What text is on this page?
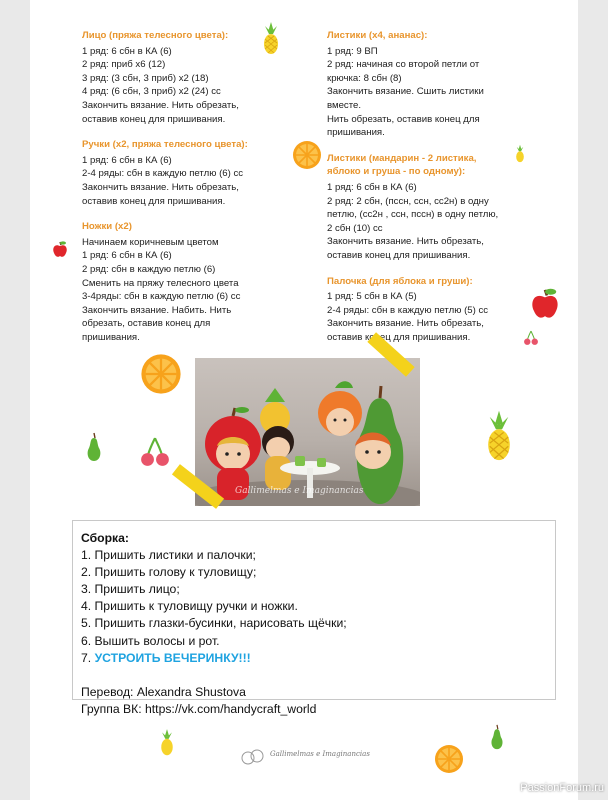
Лицо (пряжа телесного цвета):
1 ряд: 6 сбн в КА (6)
2 ряд: приб х6 (12)
3 ряд: (3 сбн, 3 приб) х2 (18)
4 ряд: (6 сбн, 3 приб) х2 (24) сс
Закончить вязание. Нить обрезать,
оставив конец для пришивания.
Ручки (х2, пряжа телесного цвета):
1 ряд: 6 сбн в КА (6)
2-4 ряды: сбн в каждую петлю (6) сс
Закончить вязание. Нить обрезать,
оставив конец для пришивания.
Ножки (х2)
Начинаем коричневым цветом
1 ряд: 6 сбн в КА (6)
2 ряд: сбн в каждую петлю (6)
Сменить на пряжу телесного цвета
3-4ряды: сбн в каждую петлю (6) сс
Закончить вязание. Набить. Нить
обрезать, оставив конец для
пришивания.
Листики (х4, ананас):
1 ряд: 9 ВП
2 ряд: начиная со второй петли от
крючка: 8 сбн (8)
Закончить вязание. Сшить листики
вместе.
Нить обрезать, оставив конец для
пришивания.
Листики (мандарин - 2 листика,
яблоко и груша - по одному):
1 ряд: 6 сбн в КА (6)
2 ряд: 2 сбн, (пссн, ссн, сс2н) в одну
петлю, (сс2н , ссн, пссн) в одну петлю,
2 сбн (10) сс
Закончить вязание. Нить обрезать,
оставив конец для пришивания.
Палочка (для яблока и груши):
1 ряд: 5 сбн в КА (5)
2-4 ряды: сбн в каждую петлю (5) сс
Закончить вязание. Нить обрезать,
оставив конец для пришивания.
Gallimelmas e Imaginancias
Сборка:
1. Пришить листики и палочки;
2. Пришить голову к туловищу;
3. Пришить лицо;
4. Пришить к туловищу ручки и ножки.
5. Пришить глазки-бусинки, нарисовать щёчки;
6. Вышить волосы и рот.
7. УСТРОИТЬ ВЕЧЕРИНКУ!!!
Перевод: Alexandra Shustova
Группа ВК: https://vk.com/handycraft_world
Gallimelmas e Imaginancias
PassionForum.ru
